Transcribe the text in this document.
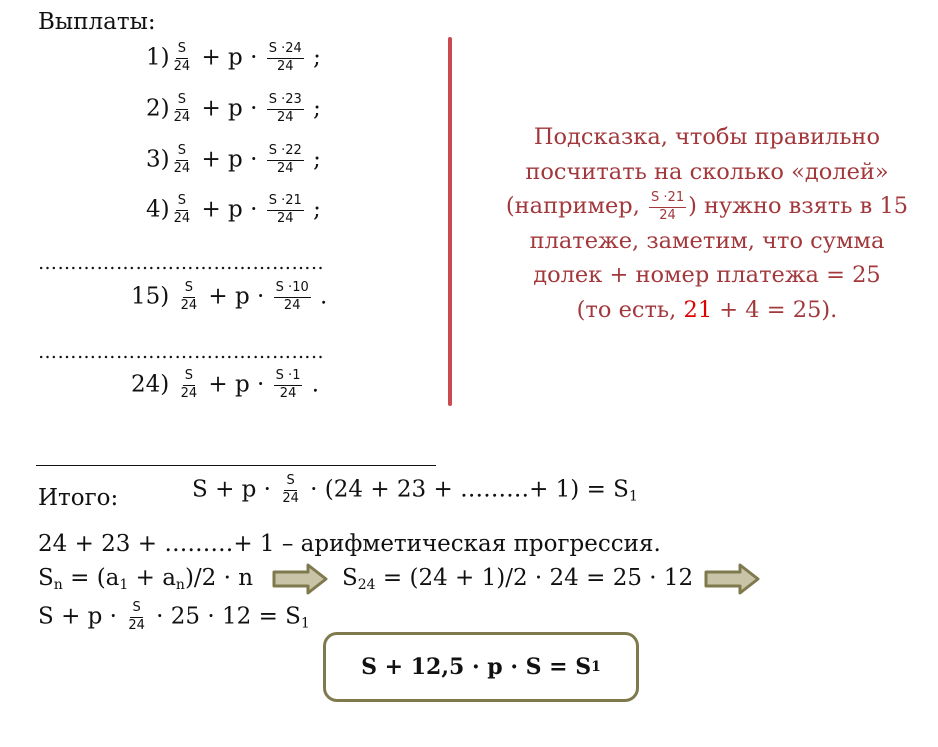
Выплаты:
$1) \frac{S}{24} + p \cdot \frac{S \cdot 24}{24}$ ;
$2) \frac{S}{24} + p \cdot \frac{S \cdot 23}{24}$ ;
$3) \frac{S}{24} + p \cdot \frac{S \cdot 22}{24}$ ;
$4) \frac{S}{24} + p \cdot \frac{S \cdot 21}{24}$ ;
……………………………………..
$15) \frac{S}{24} + p \cdot \frac{S \cdot 10}{24}$ .
……………………………………..
$24) \frac{S}{24} + p \cdot \frac{S \cdot 1}{24}$ .
Подсказка, чтобы правильно
посчитать на сколько «долей»
(например, $\frac{S \cdot 21}{24}$ ) нужно взять в 15
платеже, заметим, что сумма
долек + номер платежа = 25
(то есть, 21 + 4 = 25).
Итого:	$S + p \cdot \frac{S}{24} \cdot (24 + 23$ + ………+ $1) = S_1$
24 + 23 + ………+ 1 – арифметическая прогрессия.
$S_n = (a_1 + a_n)/2 \cdot n$	$S_{24} = (24 + 1)/2 \cdot 24 = 25 \cdot 12$
$S + p \cdot \frac{S}{24} \cdot 25 \cdot 12 = S_1$
S + 12,5 · p · S = S 1
